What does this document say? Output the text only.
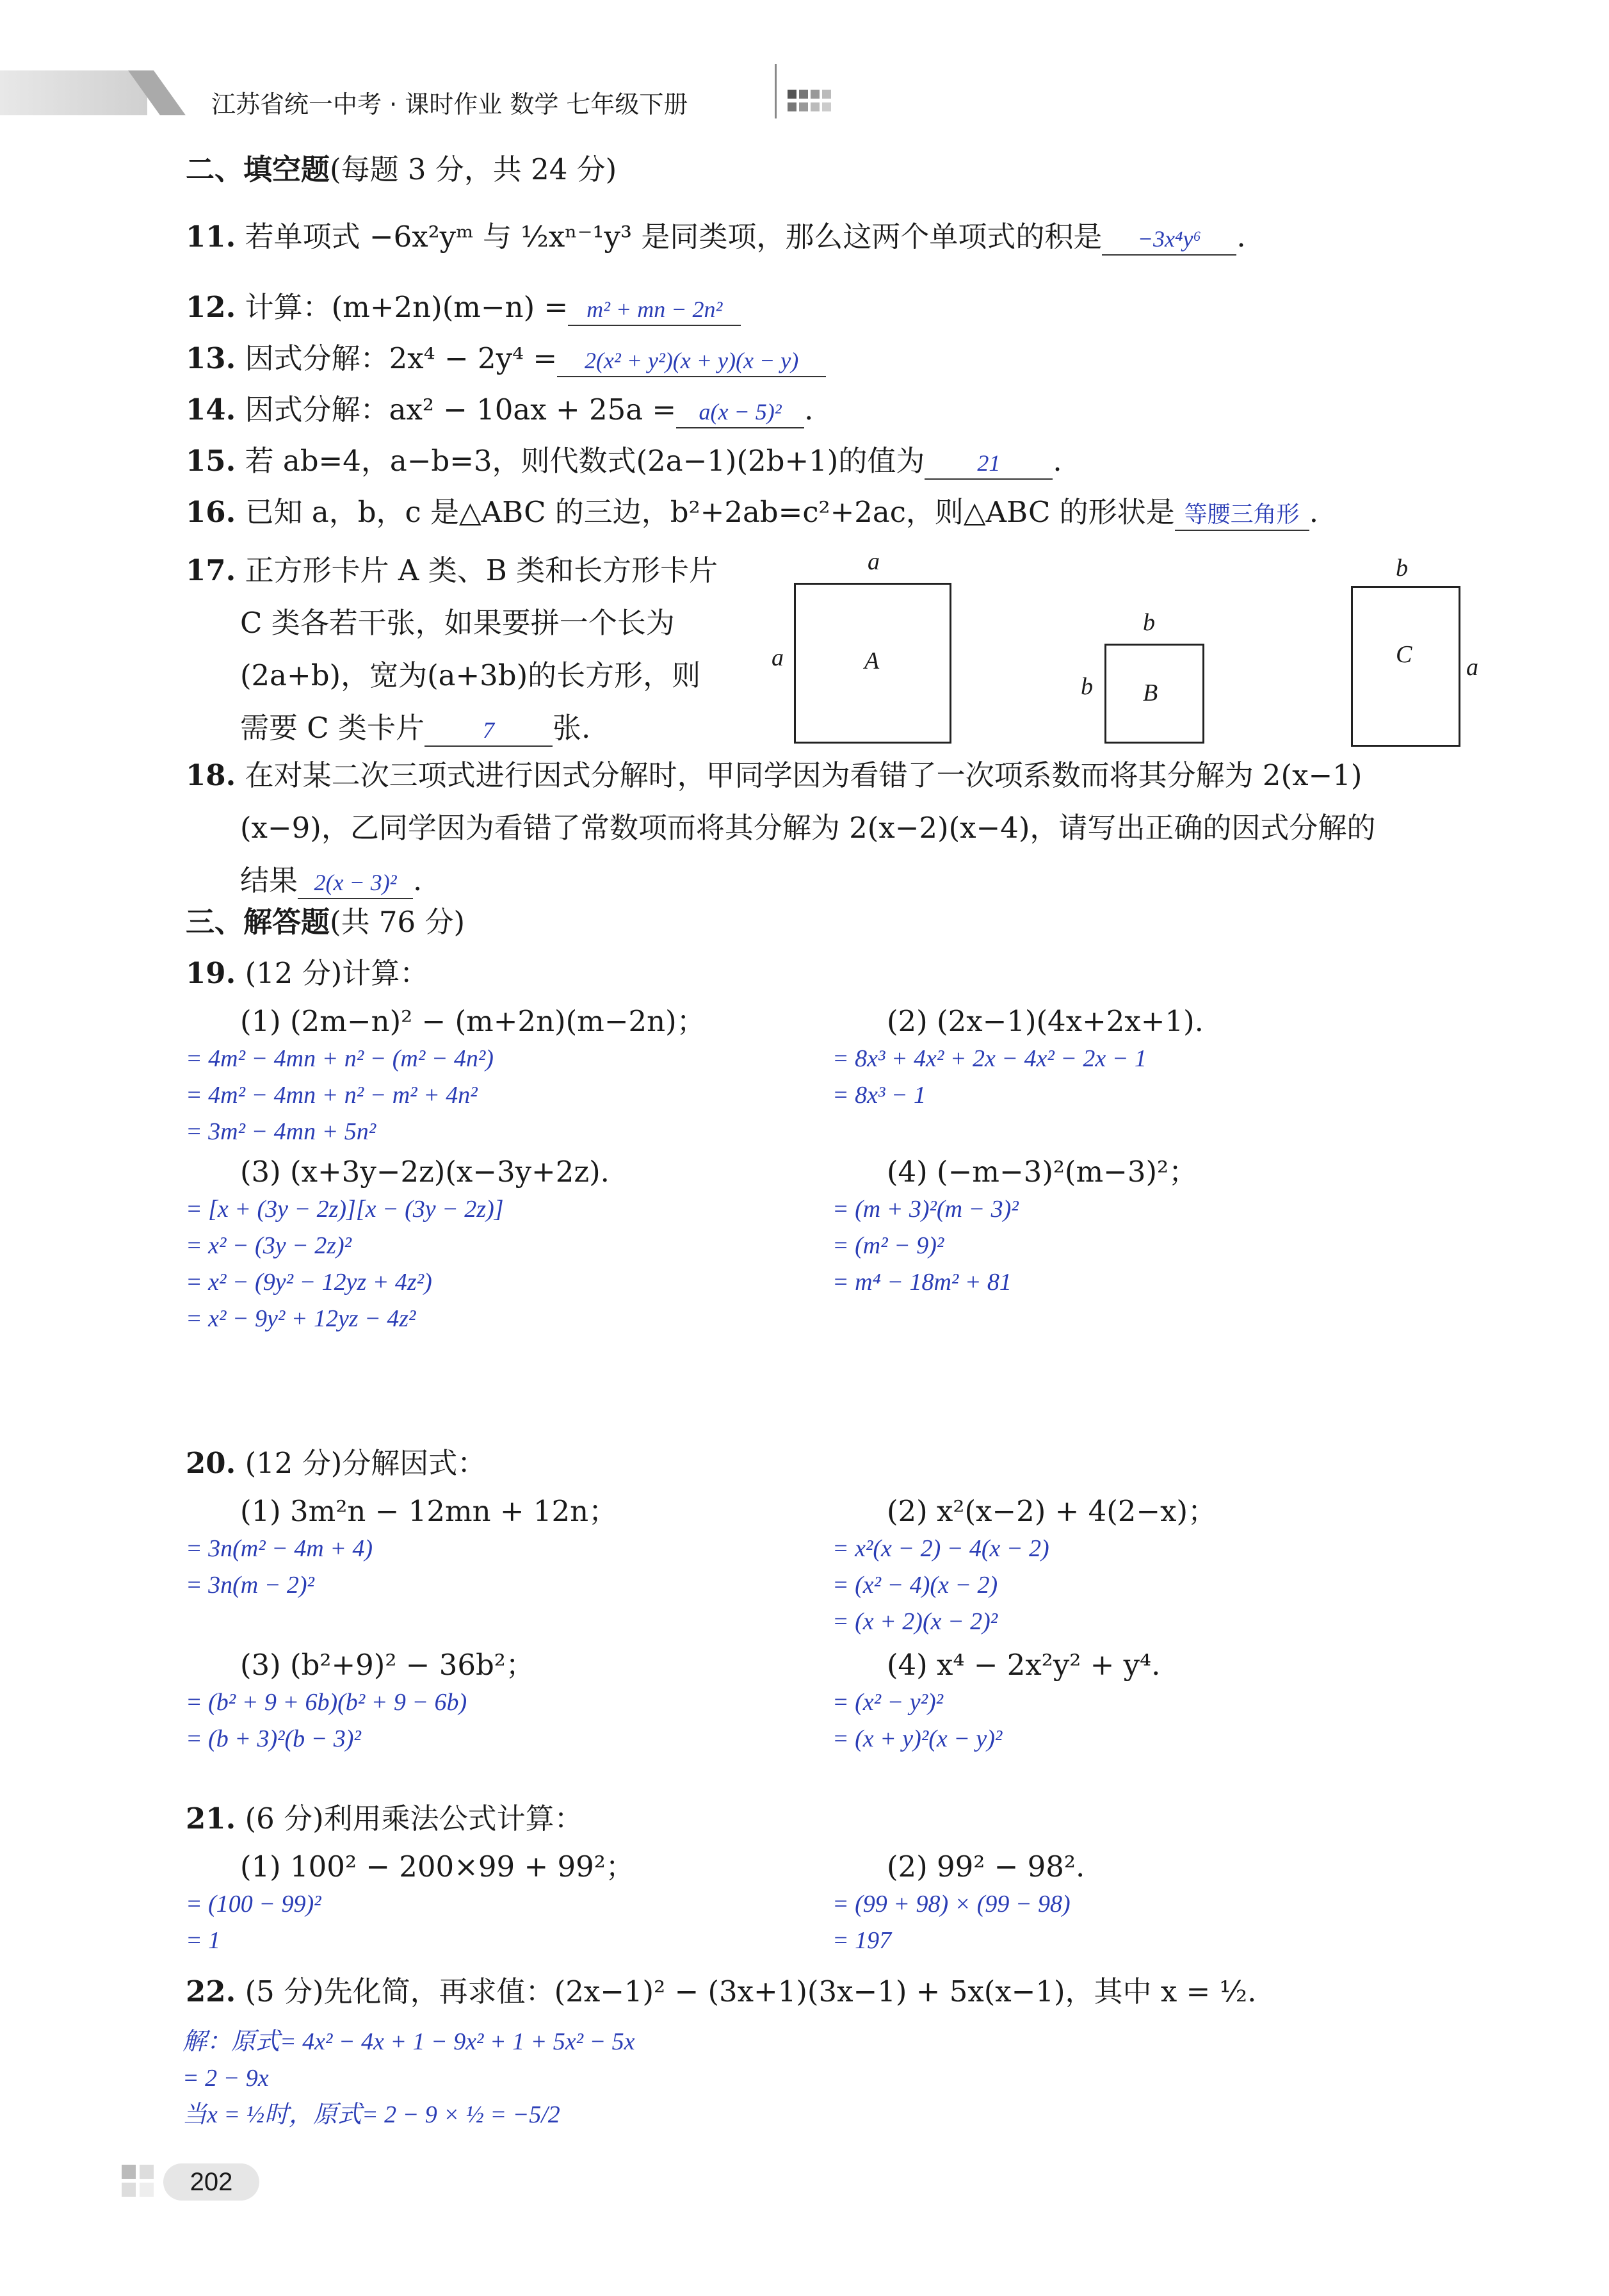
江苏省统一中考 · 课时作业 数学 七年级下册
二、填空题(每题 3 分，共 24 分)
11. 若单项式 −6x²yᵐ 与 ½xⁿ⁻¹y³ 是同类项，那么这两个单项式的积是 −3x⁴y⁶ .
12. 计算：(m+2n)(m−n) = m² + mn − 2n²
13. 因式分解：2x⁴ − 2y⁴ = 2(x² + y²)(x + y)(x − y)
14. 因式分解：ax² − 10ax + 25a = a(x − 5)² .
15. 若 ab=4，a−b=3，则代数式(2a−1)(2b+1)的值为 21 .
16. 已知 a，b，c 是△ABC 的三边，b²+2ab=c²+2ac，则△ABC 的形状是 等腰三角形 .
17. 正方形卡片 A 类、B 类和长方形卡片
C 类各若干张，如果要拼一个长为
(2a+b)，宽为(a+3b)的长方形，则
需要 C 类卡片	7 张.
a
a	A
b
b B
b
a
C
18. 在对某二次三项式进行因式分解时，甲同学因为看错了一次项系数而将其分解为 2(x−1)
(x−9)，乙同学因为看错了常数项而将其分解为 2(x−2)(x−4)，请写出正确的因式分解的
结果 2(x − 3)² .
三、解答题(共 76 分)
19. (12 分)计算：
(1) (2m−n)² − (m+2n)(m−2n)；
= 4m² − 4mn + n² − (m² − 4n²)
= 4m² − 4mn + n² − m² + 4n²
= 3m² − 4mn + 5n²
(2) (2x−1)(4x+2x+1).
= 8x³ + 4x² + 2x − 4x² − 2x − 1
= 8x³ − 1
(3) (x+3y−2z)(x−3y+2z).
= [x + (3y − 2z)][x − (3y − 2z)]
= x² − (3y − 2z)²
= x² − (9y² − 12yz + 4z²)
= x² − 9y² + 12yz − 4z²
(4) (−m−3)²(m−3)²；
= (m + 3)²(m − 3)²
= (m² − 9)²
= m⁴ − 18m² + 81
20. (12 分)分解因式：
(1) 3m²n − 12mn + 12n；
= 3n(m² − 4m + 4)
= 3n(m − 2)²
(2) x²(x−2) + 4(2−x)；
= x²(x − 2) − 4(x − 2)
= (x² − 4)(x − 2)
= (x + 2)(x − 2)²
(3) (b²+9)² − 36b²；
= (b² + 9 + 6b)(b² + 9 − 6b)
= (b + 3)²(b − 3)²
(4) x⁴ − 2x²y² + y⁴.
= (x² − y²)²
= (x + y)²(x − y)²
21. (6 分)利用乘法公式计算：
(1) 100² − 200×99 + 99²；
= (100 − 99)²
= 1
(2) 99² − 98².
= (99 + 98) × (99 − 98)
= 197
22. (5 分)先化简，再求值：(2x−1)² − (3x+1)(3x−1) + 5x(x−1)，其中 x = ½.
解：原式= 4x² − 4x + 1 − 9x² + 1 + 5x² − 5x
= 2 − 9x
当x = ½时，原式= 2 − 9 × ½ = −5/2
202
